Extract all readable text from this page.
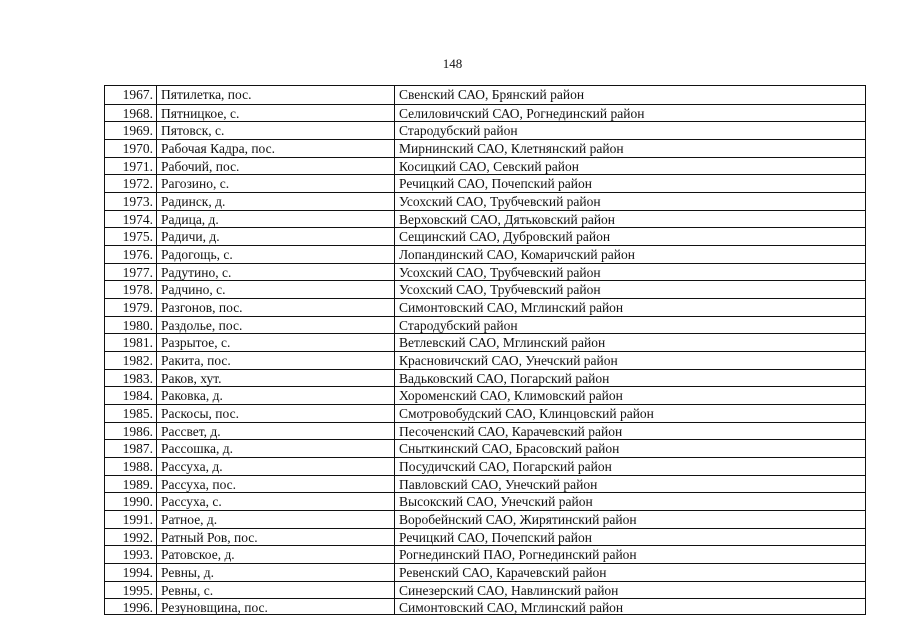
148
1967. Пятилетка, пос.	Свенский САО, Брянский район
1968. Пятницкое, с.	Селиловичский САО, Рогнединский район
1969. Пятовск, с.	Стародубский район
1970. Рабочая Кадра, пос.	Мирнинский САО, Клетнянский район
1971. Рабочий, пос.	Косицкий САО, Севский район
1972. Рагозино, с.	Речицкий САО, Почепский район
1973. Радинск, д.	Усохский САО, Трубчевский район
1974. Радица, д.	Верховский САО, Дятьковский район
1975. Радичи, д.	Сещинский САО, Дубровский район
1976. Радогощь, с.	Лопандинский САО, Комаричский район
1977. Радутино, с.	Усохский САО, Трубчевский район
1978. Радчино, с.	Усохский САО, Трубчевский район
1979. Разгонов, пос.	Симонтовский САО, Мглинский район
1980. Раздолье, пос.	Стародубский район
1981. Разрытое, с.	Ветлевский САО, Мглинский район
1982. Ракита, пос.	Красновичский САО, Унечский район
1983. Раков, хут.	Вадьковский САО, Погарский район
1984. Раковка, д.	Хороменский САО, Климовский район
1985. Раскосы, пос.	Смотровобудский САО, Клинцовский район
1986. Рассвет, д.	Песоченский САО, Карачевский район
1987. Рассошка, д.	Сныткинский САО, Брасовский район
1988. Рассуха, д.	Посудичский САО, Погарский район
1989. Рассуха, пос.	Павловский САО, Унечский район
1990. Рассуха, с.	Высокский САО, Унечский район
1991. Ратное, д.	Воробейнский САО, Жирятинский район
1992. Ратный Ров, пос.	Речицкий САО, Почепский район
1993. Ратовское, д.	Рогнединский ПАО, Рогнединский район
1994. Ревны, д.	Ревенский САО, Карачевский район
1995. Ревны, с.	Синезерский САО, Навлинский район
1996. Резуновщина, пос.	Симонтовский САО, Мглинский район
